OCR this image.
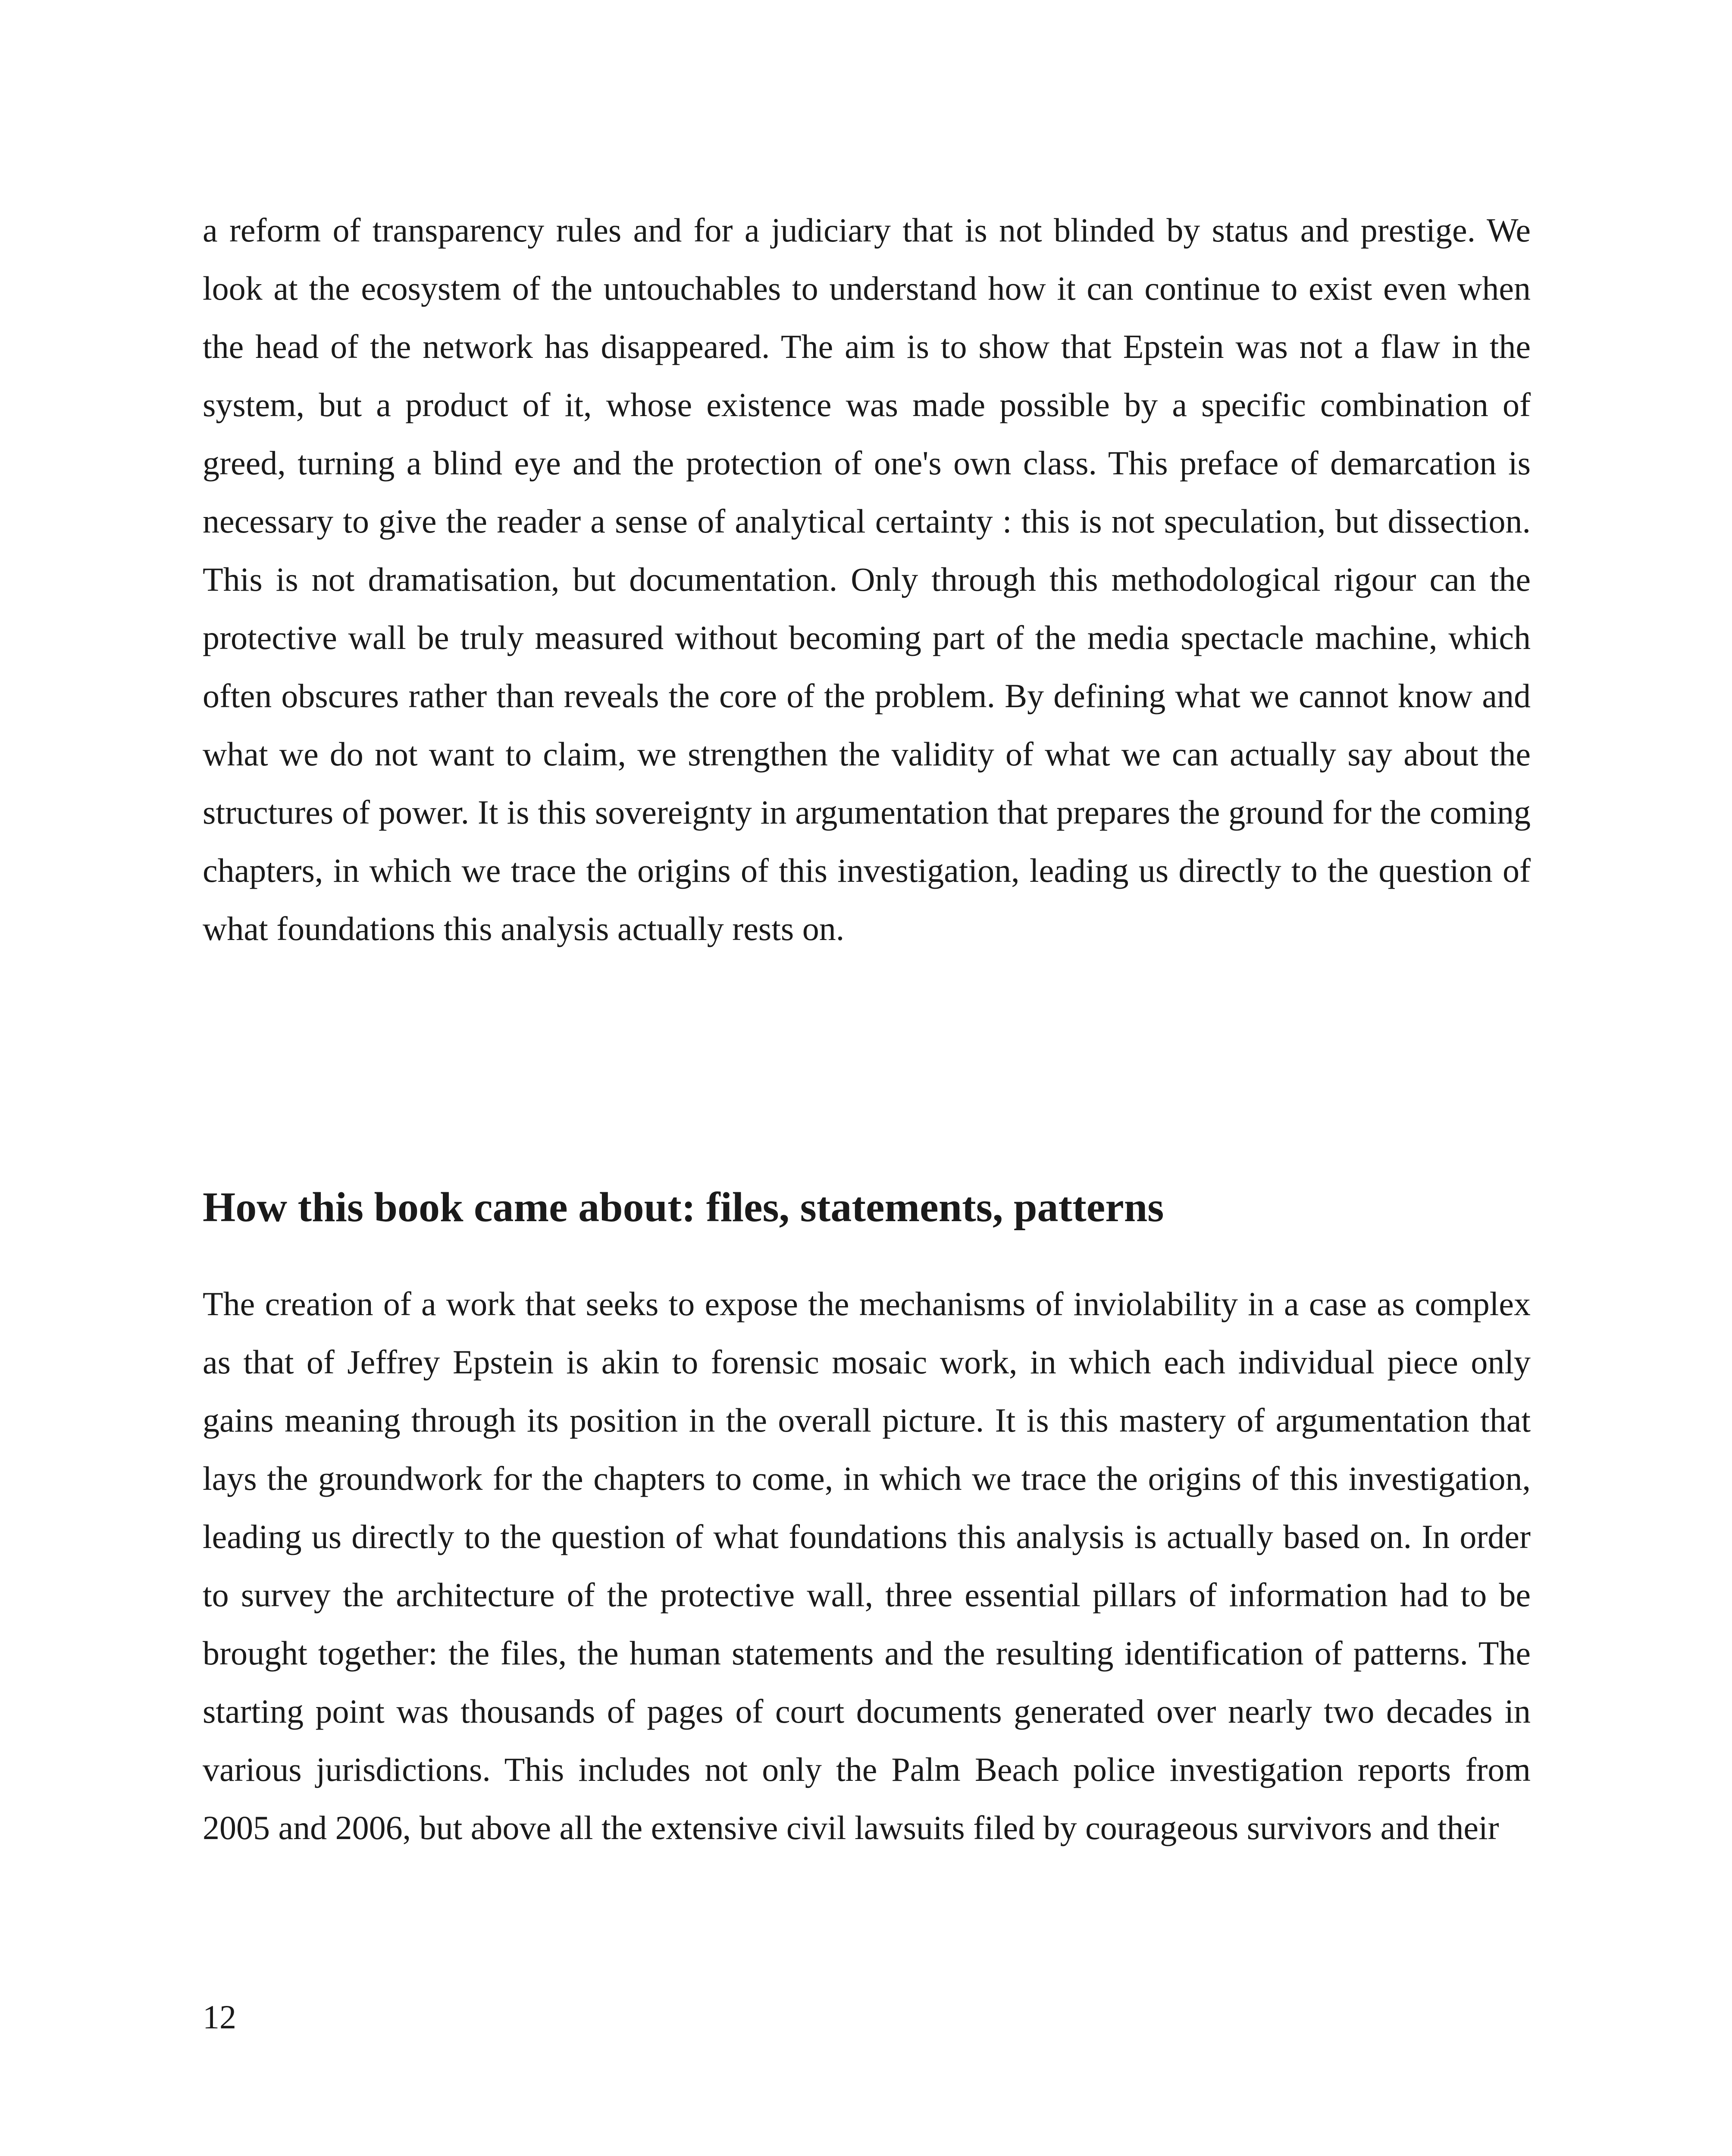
a reform of transparency rules and for a judiciary that is not blinded by status and prestige. We look at the ecosystem of the untouchables to understand how it can continue to exist even when the head of the network has disappeared. The aim is to show that Epstein was not a flaw in the system, but a product of it, whose existence was made possible by a specific combination of greed, turning a blind eye and the protection of one's own class. This preface of demarcation is necessary to give the reader a sense of analytical certainty : this is not speculation, but dissection. This is not dramatisation, but documentation. Only through this methodological rigour can the protective wall be truly measured without becoming part of the media spectacle machine, which often obscures rather than reveals the core of the problem. By defining what we cannot know and what we do not want to claim, we strengthen the validity of what we can actually say about the structures of power. It is this sovereignty in argumentation that prepares the ground for the coming chapters, in which we trace the origins of this investigation, leading us directly to the question of what foundations this analysis actually rests on.

How this book came about: files, statements, patterns

The creation of a work that seeks to expose the mechanisms of inviolability in a case as complex as that of Jeffrey Epstein is akin to forensic mosaic work, in which each individual piece only gains meaning through its position in the overall picture. It is this mastery of argumentation that lays the groundwork for the chapters to come, in which we trace the origins of this investigation, leading us directly to the question of what foundations this analysis is actually based on. In order to survey the architecture of the protective wall, three essential pillars of information had to be brought together: the files, the human statements and the resulting identification of patterns. The starting point was thousands of pages of court documents generated over nearly two decades in various jurisdictions. This includes not only the Palm Beach police investigation reports from 2005 and 2006, but above all the extensive civil lawsuits filed by courageous survivors and their

12
